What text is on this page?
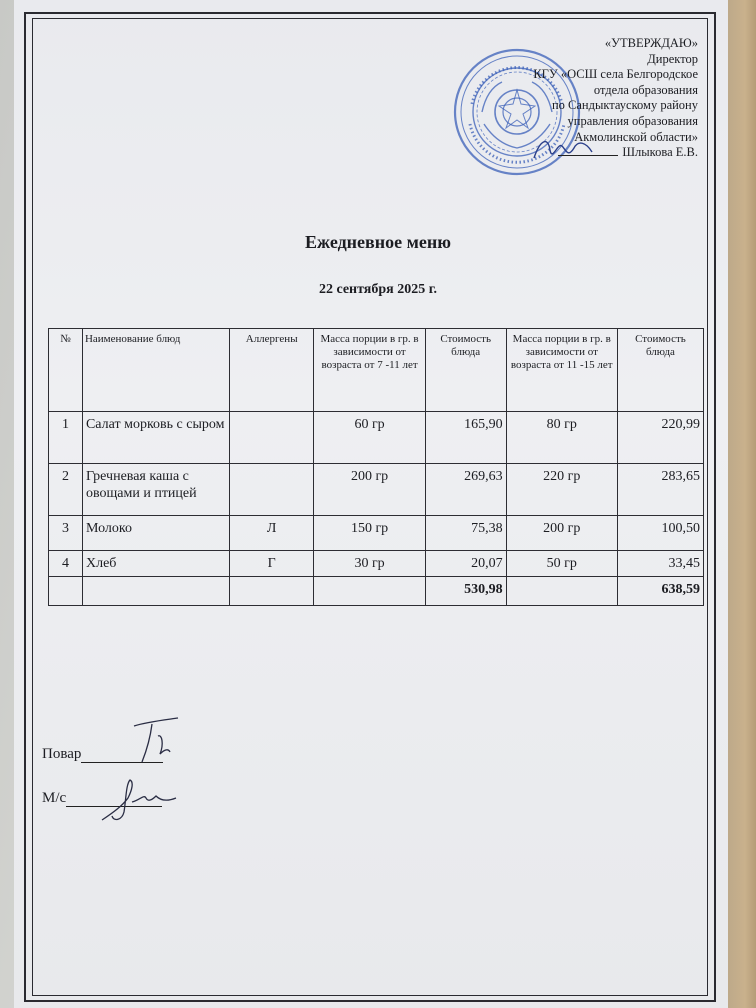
«УТВЕРЖДАЮ»
Директор
КГУ «ОСШ села Белгородское
отдела образования
по Сандыктаускому району
управления образования
Акмолинской области»
Шлыкова Е.В.
Ежедневное меню
22 сентября 2025 г.
№	Наименование блюд	Аллергены	Масса порции в гр. в зависимости от возраста от 7 -11 лет	Стоимость блюда	Масса порции в гр. в зависимости от возраста от 11 -15 лет	Стоимость блюда
1	Салат морковь с сыром		60 гр	165,90	80 гр	220,99
2	Гречневая каша с овощами и птицей		200 гр	269,63	220 гр	283,65
3	Молоко	Л	150 гр	75,38	200 гр	100,50
4	Хлеб	Г	30 гр	20,07	50 гр	33,45
				530,98		638,59
Повар
М/с
